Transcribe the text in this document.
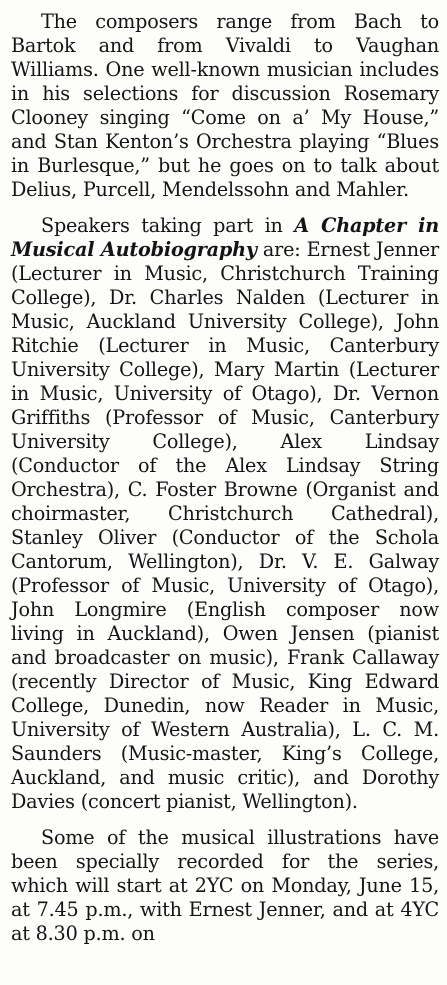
The composers range from Bach to Bartok and from Vivaldi to Vaughan Williams. One well-known musician includes in his selections for discussion Rosemary Clooney singing “Come on a’ My House,” and Stan Kenton’s Orchestra playing “Blues in Burlesque,” but he goes on to talk about Delius, Purcell, Mendelssohn and Mahler.

Speakers taking part in A Chapter in Musical Autobiography are: Ernest Jenner (Lecturer in Music, Christchurch Training College), Dr. Charles Nalden (Lecturer in Music, Auckland University College), John Ritchie (Lecturer in Music, Canterbury University College), Mary Martin (Lecturer in Music, University of Otago), Dr. Vernon Griffiths (Professor of Music, Canterbury University College), Alex Lindsay (Conductor of the Alex Lindsay String Orchestra), C. Foster Browne (Organist and choirmaster, Christchurch Cathedral), Stanley Oliver (Conductor of the Schola Cantorum, Wellington), Dr. V. E. Galway (Professor of Music, University of Otago), John Longmire (English composer now living in Auckland), Owen Jensen (pianist and broadcaster on music), Frank Callaway (recently Director of Music, King Edward College, Dunedin, now Reader in Music, University of Western Australia), L. C. M. Saunders (Music-master, King’s College, Auckland, and music critic), and Dorothy Davies (concert pianist, Wellington).

Some of the musical illustrations have been specially recorded for the series, which will start at 2YC on Monday, June 15, at 7.45 p.m., with Ernest Jenner, and at 4YC at 8.30 p.m. on
